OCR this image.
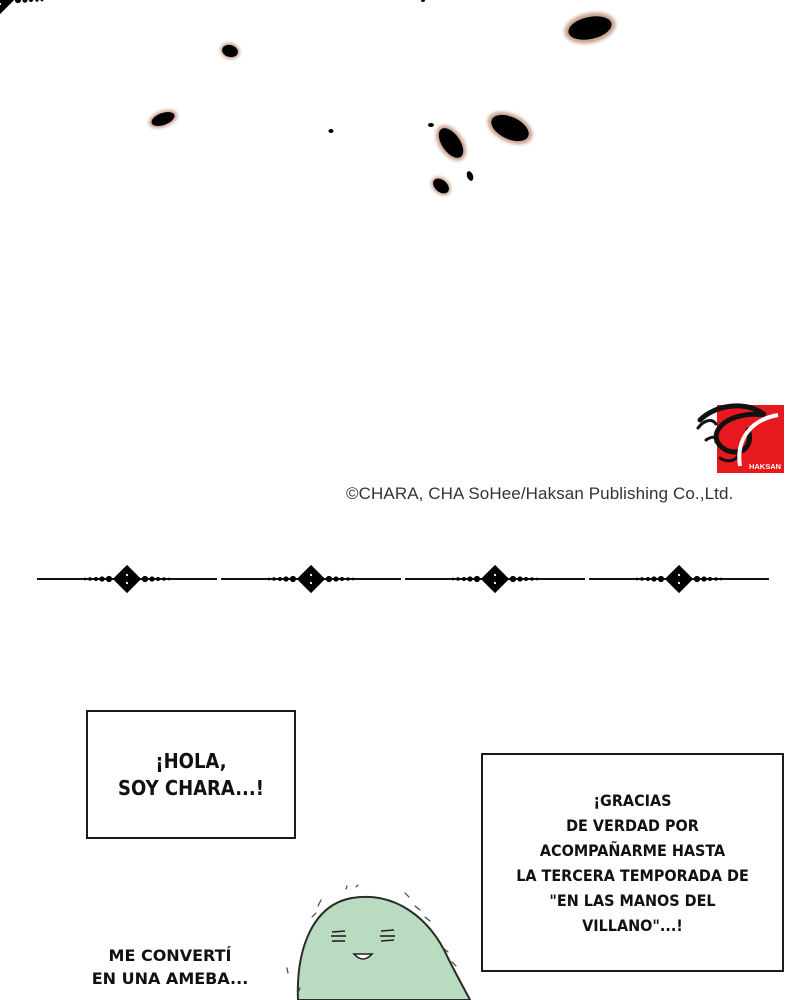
HAKSAN
©CHARA, CHA SoHee/Haksan Publishing Co.,Ltd.

¡HOLA,
SOY CHARA...!

¡GRACIAS
DE VERDAD POR
ACOMPAÑARME HASTA
LA TERCERA TEMPORADA DE
"EN LAS MANOS DEL
VILLANO"...!

ME CONVERTÍ
EN UNA AMEBA...
